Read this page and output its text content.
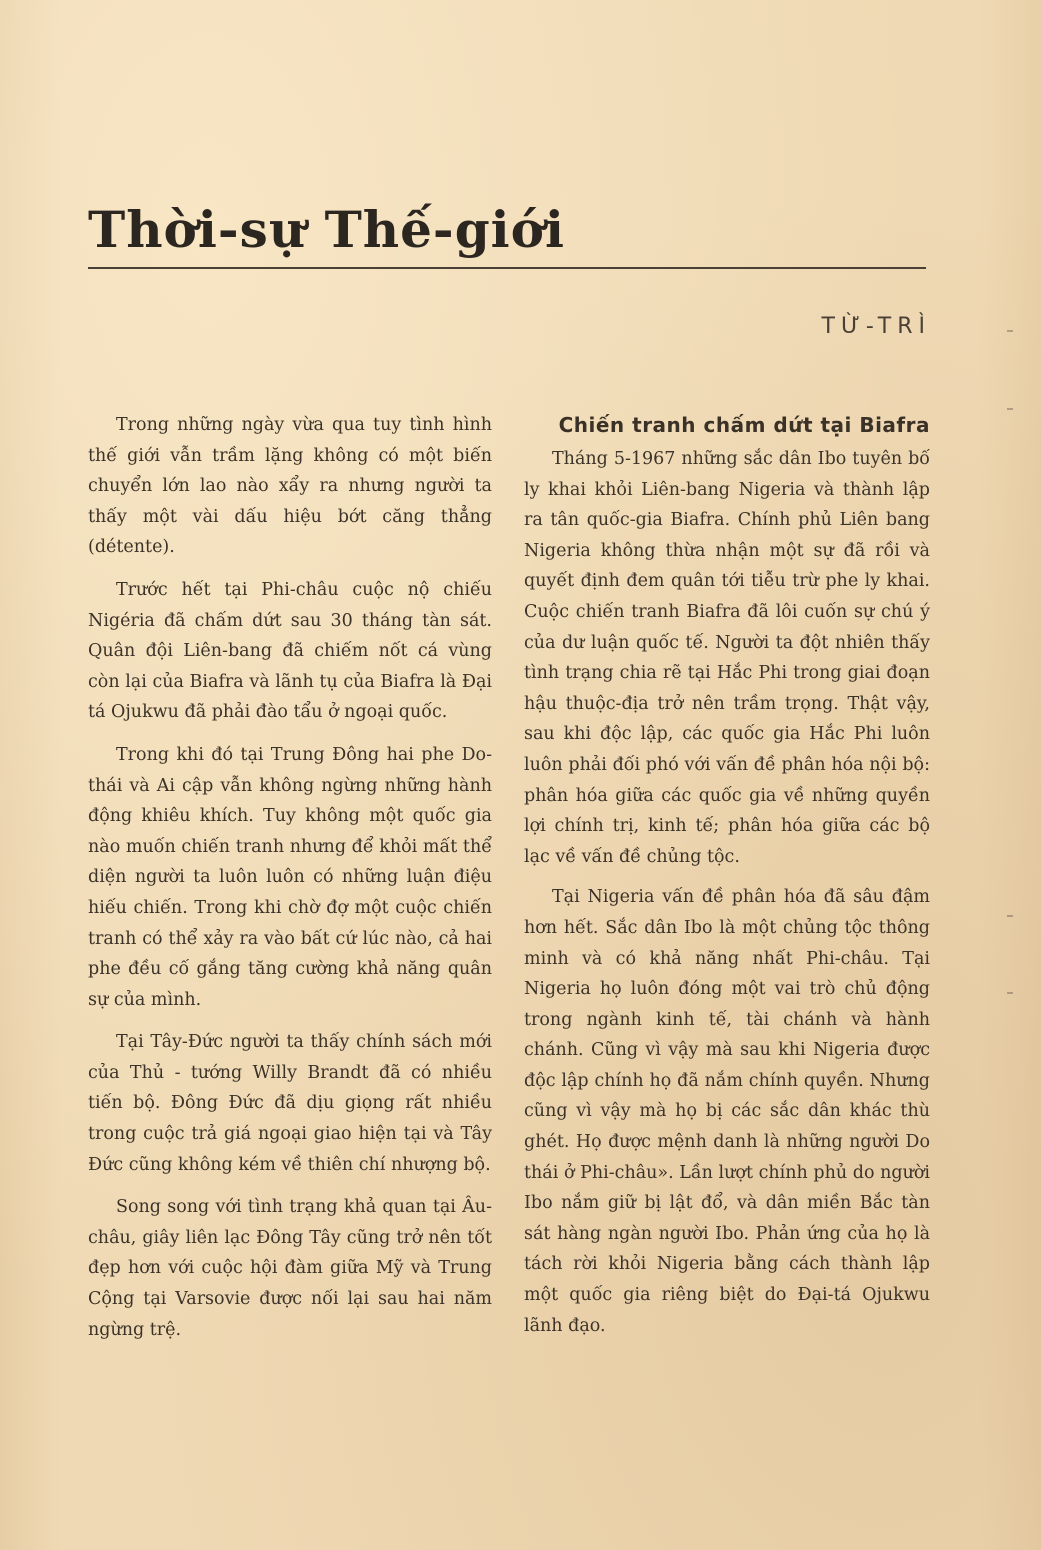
Thời-sự Thế-giới
TỪ-TRÌ

Trong những ngày vừa qua tuy tình hình thế giới vẫn trầm lặng không có một biến chuyển lớn lao nào xẩy ra nhưng người ta thấy một vài dấu hiệu bớt căng thẳng (détente).

Trước hết tại Phi-châu cuộc nộ chiếu Nigéria đã chấm dứt sau 30 tháng tàn sát. Quân đội Liên-bang đã chiếm nốt cá vùng còn lại của Biafra và lãnh tụ của Biafra là Đại tá Ojukwu đã phải đào tẩu ở ngoại quốc.

Trong khi đó tại Trung Đông hai phe Do-thái và Ai cập vẫn không ngừng những hành động khiêu khích. Tuy không một quốc gia nào muốn chiến tranh nhưng để khỏi mất thể diện người ta luôn luôn có những luận điệu hiếu chiến. Trong khi chờ đợ một cuộc chiến tranh có thể xảy ra vào bất cứ lúc nào, cả hai phe đều cố gắng tăng cường khả năng quân sự của mình.

Tại Tây-Đức người ta thấy chính sách mới của Thủ - tướng Willy Brandt đã có nhiều tiến bộ. Đông Đức đã dịu giọng rất nhiều trong cuộc trả giá ngoại giao hiện tại và Tây Đức cũng không kém về thiên chí nhượng bộ.

Song song với tình trạng khả quan tại Âu-châu, giây liên lạc Đông Tây cũng trở nên tốt đẹp hơn với cuộc hội đàm giữa Mỹ và Trung Cộng tại Varsovie được nối lại sau hai năm ngừng trệ.

Chiến tranh chấm dứt tại Biafra

Tháng 5-1967 những sắc dân Ibo tuyên bố ly khai khỏi Liên-bang Nigeria và thành lập ra tân quốc-gia Biafra. Chính phủ Liên bang Nigeria không thừa nhận một sự đã rồi và quyết định đem quân tới tiễu trừ phe ly khai. Cuộc chiến tranh Biafra đã lôi cuốn sự chú ý của dư luận quốc tế. Người ta đột nhiên thấy tình trạng chia rẽ tại Hắc Phi trong giai đoạn hậu thuộc-địa trở nên trầm trọng. Thật vậy, sau khi độc lập, các quốc gia Hắc Phi luôn luôn phải đối phó với vấn đề phân hóa nội bộ: phân hóa giữa các quốc gia về những quyền lợi chính trị, kinh tế; phân hóa giữa các bộ lạc về vấn đề chủng tộc.

Tại Nigeria vấn đề phân hóa đã sâu đậm hơn hết. Sắc dân Ibo là một chủng tộc thông minh và có khả năng nhất Phi-châu. Tại Nigeria họ luôn đóng một vai trò chủ động trong ngành kinh tế, tài chánh và hành chánh. Cũng vì vậy mà sau khi Nigeria được độc lập chính họ đã nắm chính quyền. Nhưng cũng vì vậy mà họ bị các sắc dân khác thù ghét. Họ được mệnh danh là những người Do thái ở Phi-châu». Lần lượt chính phủ do người Ibo nắm giữ bị lật đổ, và dân miền Bắc tàn sát hàng ngàn người Ibo. Phản ứng của họ là tách rời khỏi Nigeria bằng cách thành lập một quốc gia riêng biệt do Đại-tá Ojukwu lãnh đạo.
